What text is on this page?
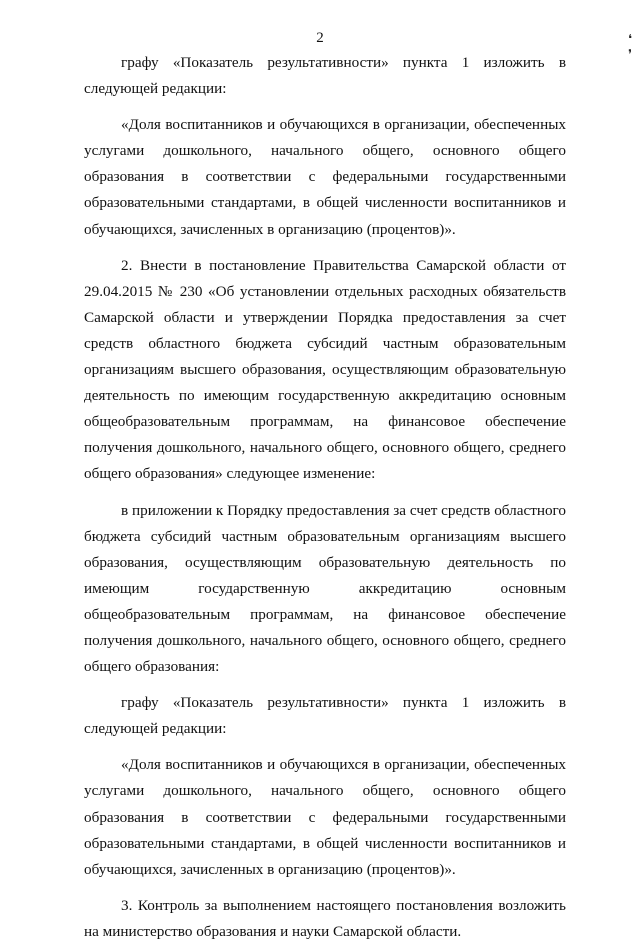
2	❛
❜

графу «Показатель результативности» пункта 1 изложить в следующей редакции:

«Доля воспитанников и обучающихся в организации, обеспеченных услугами дошкольного, начального общего, основного общего образования в соответствии с федеральными государственными образовательными стандартами, в общей численности воспитанников и обучающихся, зачисленных в организацию (процентов)».

2. Внести в постановление Правительства Самарской области от 29.04.2015 № 230 «Об установлении отдельных расходных обязательств Самарской области и утверждении Порядка предоставления за счет средств областного бюджета субсидий частным образовательным организациям высшего образования, осуществляющим образовательную деятельность по имеющим государственную аккредитацию основным общеобразовательным программам, на финансовое обеспечение получения дошкольного, начального общего, основного общего, среднего общего образования» следующее изменение:

в приложении к Порядку предоставления за счет средств областного бюджета субсидий частным образовательным организациям высшего образования, осуществляющим образовательную деятельность по имеющим государственную аккредитацию основным общеобразовательным программам, на финансовое обеспечение получения дошкольного, начального общего, основного общего, среднего общего образования:

графу «Показатель результативности» пункта 1 изложить в следующей редакции:

«Доля воспитанников и обучающихся в организации, обеспеченных услугами дошкольного, начального общего, основного общего образования в соответствии с федеральными государственными образовательными стандартами, в общей численности воспитанников и обучающихся, зачисленных в организацию (процентов)».

3. Контроль за выполнением настоящего постановления возложить на министерство образования и науки Самарской области.
